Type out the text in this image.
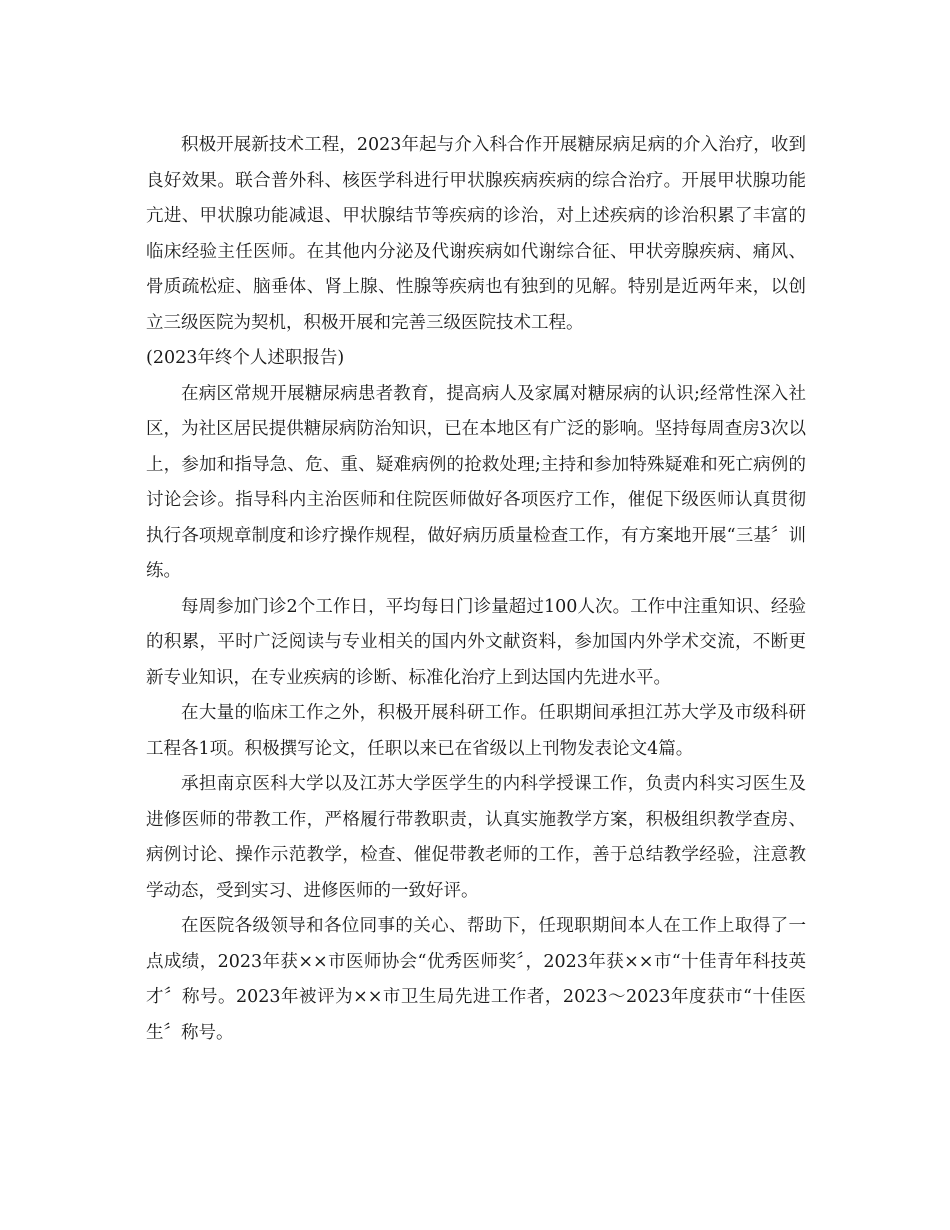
积极开展新技术工程，2023年起与介入科合作开展糖尿病足病的介入治疗，收到良好效果。联合普外科、核医学科进行甲状腺疾病疾病的综合治疗。开展甲状腺功能亢进、甲状腺功能减退、甲状腺结节等疾病的诊治，对上述疾病的诊治积累了丰富的临床经验主任医师。在其他内分泌及代谢疾病如代谢综合征、甲状旁腺疾病、痛风、骨质疏松症、脑垂体、肾上腺、性腺等疾病也有独到的见解。特别是近两年来，以创立三级医院为契机，积极开展和完善三级医院技术工程。

(2023年终个人述职报告)

在病区常规开展糖尿病患者教育，提高病人及家属对糖尿病的认识;经常性深入社区，为社区居民提供糖尿病防治知识，已在本地区有广泛的影响。坚持每周查房3次以上，参加和指导急、危、重、疑难病例的抢救处理;主持和参加特殊疑难和死亡病例的讨论会诊。指导科内主治医师和住院医师做好各项医疗工作，催促下级医师认真贯彻执行各项规章制度和诊疗操作规程，做好病历质量检查工作，有方案地开展“三基〞训练。

每周参加门诊2个工作日，平均每日门诊量超过100人次。工作中注重知识、经验的积累，平时广泛阅读与专业相关的国内外文献资料，参加国内外学术交流，不断更新专业知识，在专业疾病的诊断、标准化治疗上到达国内先进水平。

在大量的临床工作之外，积极开展科研工作。任职期间承担江苏大学及市级科研工程各1项。积极撰写论文，任职以来已在省级以上刊物发表论文4篇。

承担南京医科大学以及江苏大学医学生的内科学授课工作，负责内科实习医生及进修医师的带教工作，严格履行带教职责，认真实施教学方案，积极组织教学查房、病例讨论、操作示范教学，检查、催促带教老师的工作，善于总结教学经验，注意教学动态，受到实习、进修医师的一致好评。

在医院各级领导和各位同事的关心、帮助下，任现职期间本人在工作上取得了一点成绩，2023年获××市医师协会“优秀医师奖〞，2023年获××市“十佳青年科技英才〞称号。2023年被评为××市卫生局先进工作者，2023～2023年度获市“十佳医生〞称号。
